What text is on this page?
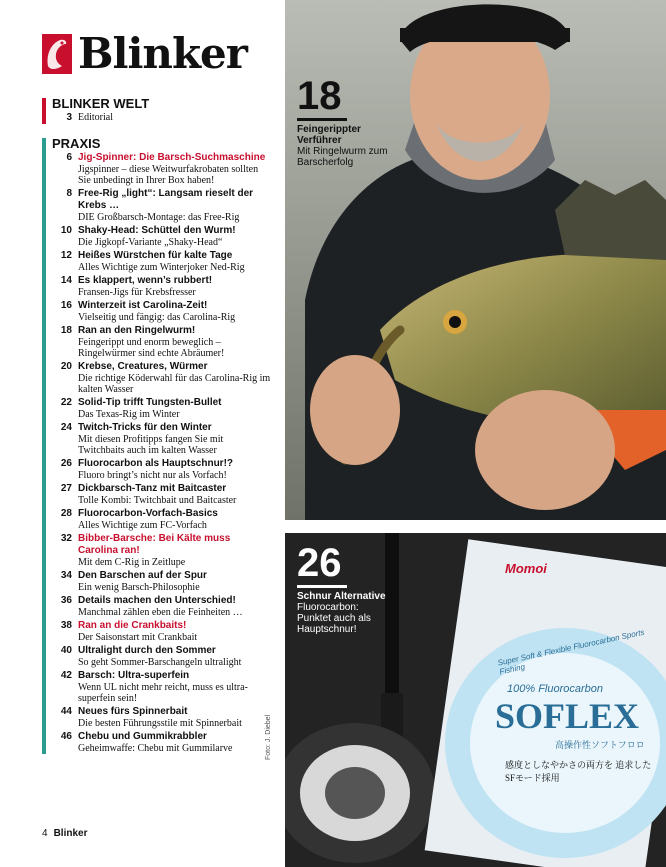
Blinker
BLINKER WELT
3 Editorial
PRAXIS
6 Jig-Spinner: Die Barsch-Suchmaschine
Jigspinner – diese Weitwurfakrobaten sollten Sie unbedingt in Ihrer Box haben!
8 Free-Rig „light“: Langsam rieselt der Krebs …
DIE Großbarsch-Montage: das Free-Rig
10 Shaky-Head: Schüttel den Wurm!
Die Jigkopf-Variante „Shaky-Head“
12 Heißes Würstchen für kalte Tage
Alles Wichtige zum Winterjoker Ned-Rig
14 Es klappert, wenn’s rubbert!
Fransen-Jigs für Krebsfresser
16 Winterzeit ist Carolina-Zeit!
Vielseitig und fängig: das Carolina-Rig
18 Ran an den Ringelwurm!
Feingerippt und enorm beweglich – Ringelwürmer sind echte Abräumer!
20 Krebse, Creatures, Würmer
Die richtige Köderwahl für das Carolina-Rig im kalten Wasser
22 Solid-Tip trifft Tungsten-Bullet
Das Texas-Rig im Winter
24 Twitch-Tricks für den Winter
Mit diesen Profitipps fangen Sie mit Twitchbaits auch im kalten Wasser
26 Fluorocarbon als Hauptschnur!?
Fluoro bringt’s nicht nur als Vorfach!
27 Dickbarsch-Tanz mit Baitcaster
Tolle Kombi: Twitchbait und Baitcaster
28 Fluorocarbon-Vorfach-Basics
Alles Wichtige zum FC-Vorfach
32 Bibber-Barsche: Bei Kälte muss Carolina ran!
Mit dem C-Rig in Zeitlupe
34 Den Barschen auf der Spur
Ein wenig Barsch-Philosophie
36 Details machen den Unterschied!
Manchmal zählen eben die Feinheiten …
38 Ran an die Crankbaits!
Der Saisonstart mit Crankbait
40 Ultralight durch den Sommer
So geht Sommer-Barschangeln ultralight
42 Barsch: Ultra-superfein
Wenn UL nicht mehr reicht, muss es ultra-superfein sein!
44 Neues fürs Spinnerbait
Die besten Führungsstile mit Spinnerbait
46 Chebu und Gummikrabbler
Geheimwaffe: Chebu mit Gummilarve
18
Feingerippter Verführer
Mit Ringelwurm zum Barscherfolg
Momoi
Super Soft & Flexible Fluorocarbon Sports Fishing
100% Fluorocarbon
SOFLEX
高操作性ソフトフロロ
感度としなやかさの両方を 追求したSFモード採用
26
Schnur Alternative
Fluorocarbon: Punktet auch als Hauptschnur!
Foto: J. Diebel
4 Blinker
